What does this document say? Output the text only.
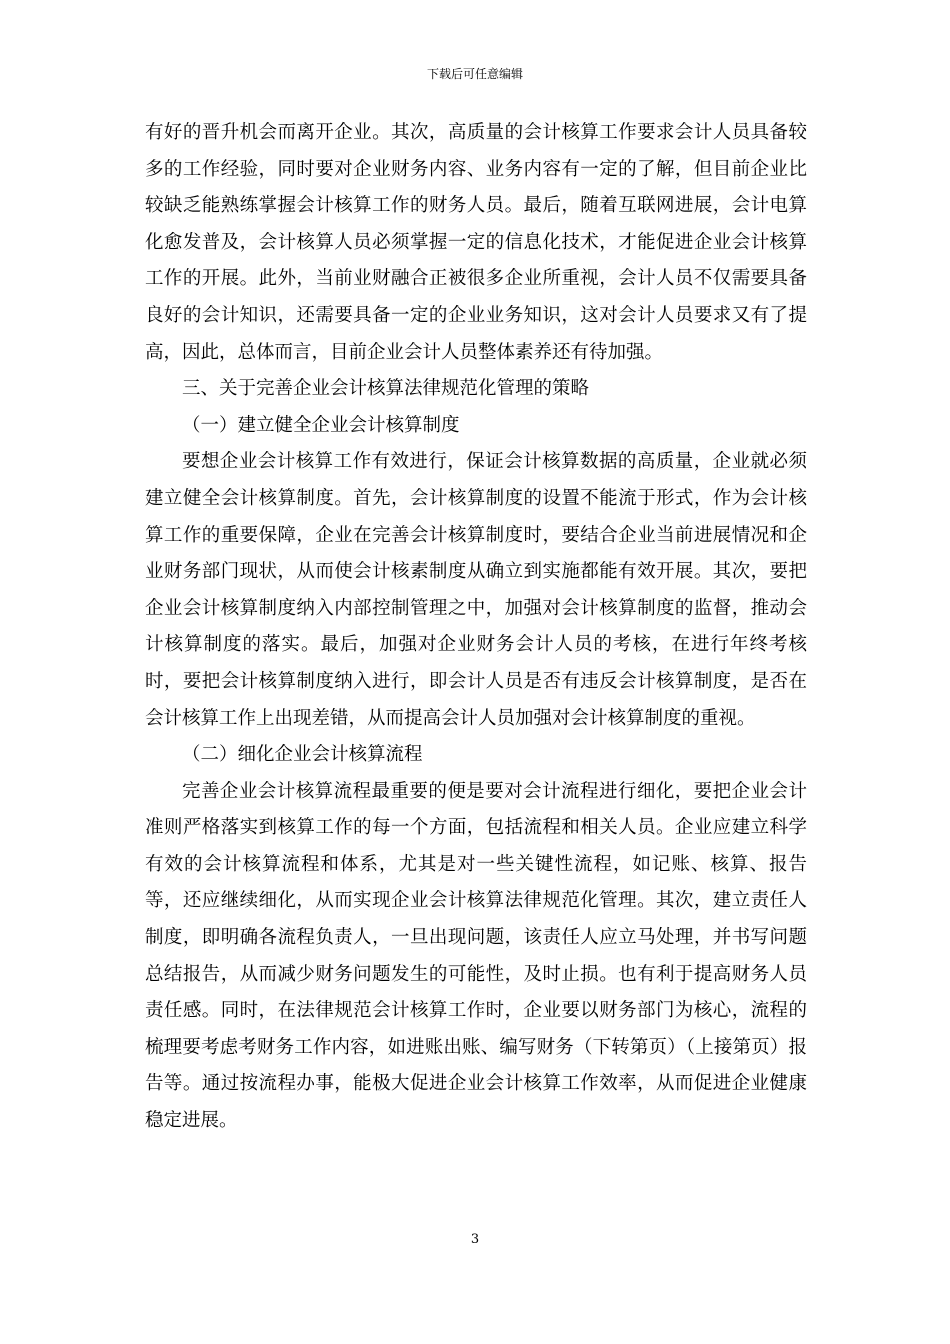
下载后可任意编辑

有好的晋升机会而离开企业。其次，高质量的会计核算工作要求会计人员具备较多的工作经验，同时要对企业财务内容、业务内容有一定的了解，但目前企业比较缺乏能熟练掌握会计核算工作的财务人员。最后，随着互联网进展，会计电算化愈发普及，会计核算人员必须掌握一定的信息化技术，才能促进企业会计核算工作的开展。此外，当前业财融合正被很多企业所重视，会计人员不仅需要具备良好的会计知识，还需要具备一定的企业业务知识，这对会计人员要求又有了提高，因此，总体而言，目前企业会计人员整体素养还有待加强。

三、关于完善企业会计核算法律规范化管理的策略

（一）建立健全企业会计核算制度

要想企业会计核算工作有效进行，保证会计核算数据的高质量，企业就必须建立健全会计核算制度。首先，会计核算制度的设置不能流于形式，作为会计核算工作的重要保障，企业在完善会计核算制度时，要结合企业当前进展情况和企业财务部门现状，从而使会计核素制度从确立到实施都能有效开展。其次，要把企业会计核算制度纳入内部控制管理之中，加强对会计核算制度的监督，推动会计核算制度的落实。最后，加强对企业财务会计人员的考核，在进行年终考核时，要把会计核算制度纳入进行，即会计人员是否有违反会计核算制度，是否在会计核算工作上出现差错，从而提高会计人员加强对会计核算制度的重视。

（二）细化企业会计核算流程

完善企业会计核算流程最重要的便是要对会计流程进行细化，要把企业会计准则严格落实到核算工作的每一个方面，包括流程和相关人员。企业应建立科学有效的会计核算流程和体系，尤其是对一些关键性流程，如记账、核算、报告等，还应继续细化，从而实现企业会计核算法律规范化管理。其次，建立责任人制度，即明确各流程负责人，一旦出现问题，该责任人应立马处理，并书写问题总结报告，从而减少财务问题发生的可能性，及时止损。也有利于提高财务人员责任感。同时，在法律规范会计核算工作时，企业要以财务部门为核心，流程的梳理要考虑考财务工作内容，如进账出账、编写财务（下转第页）（上接第页）报告等。通过按流程办事，能极大促进企业会计核算工作效率，从而促进企业健康稳定进展。

3
